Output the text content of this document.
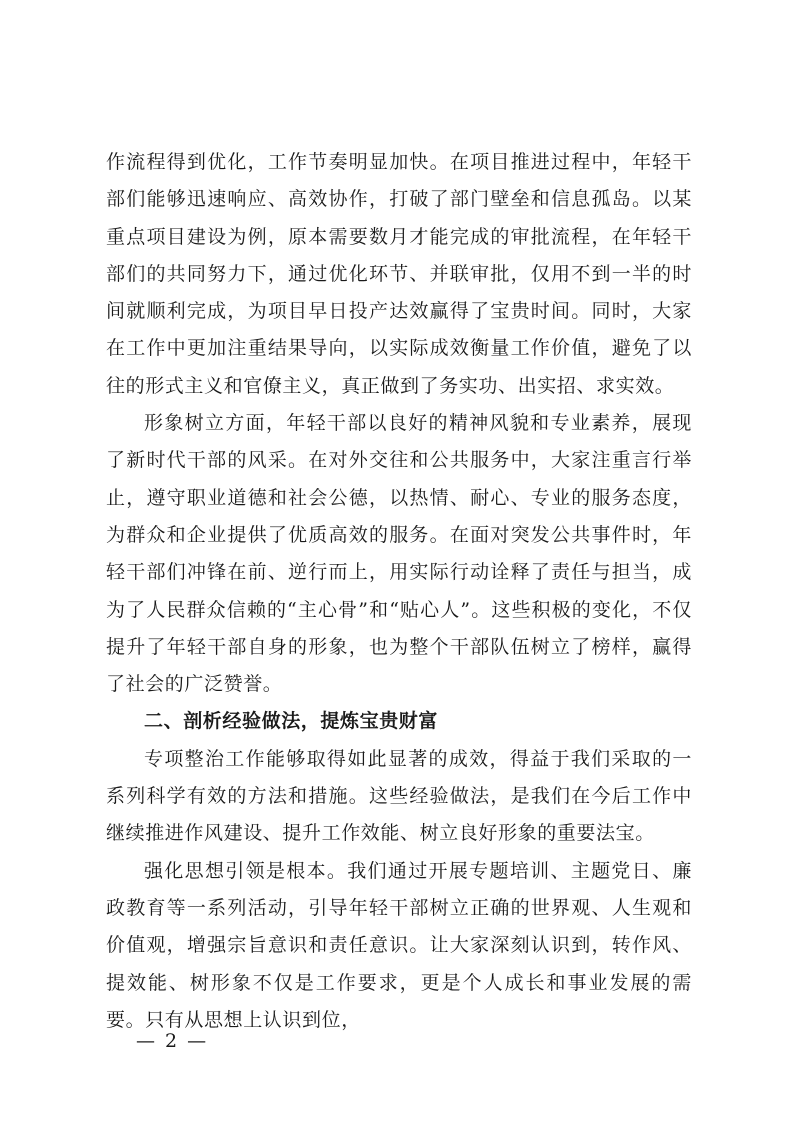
作流程得到优化，工作节奏明显加快。在项目推进过程中，年轻干部们能够迅速响应、高效协作，打破了部门壁垒和信息孤岛。以某重点项目建设为例，原本需要数月才能完成的审批流程，在年轻干部们的共同努力下，通过优化环节、并联审批，仅用不到一半的时间就顺利完成，为项目早日投产达效赢得了宝贵时间。同时，大家在工作中更加注重结果导向，以实际成效衡量工作价值，避免了以往的形式主义和官僚主义，真正做到了务实功、出实招、求实效。

形象树立方面，年轻干部以良好的精神风貌和专业素养，展现了新时代干部的风采。在对外交往和公共服务中，大家注重言行举止，遵守职业道德和社会公德，以热情、耐心、专业的服务态度，为群众和企业提供了优质高效的服务。在面对突发公共事件时，年轻干部们冲锋在前、逆行而上，用实际行动诠释了责任与担当，成为了人民群众信赖的“主心骨”和“贴心人”。这些积极的变化，不仅提升了年轻干部自身的形象，也为整个干部队伍树立了榜样，赢得了社会的广泛赞誉。

二、剖析经验做法，提炼宝贵财富

专项整治工作能够取得如此显著的成效，得益于我们采取的一系列科学有效的方法和措施。这些经验做法，是我们在今后工作中继续推进作风建设、提升工作效能、树立良好形象的重要法宝。

强化思想引领是根本。我们通过开展专题培训、主题党日、廉政教育等一系列活动，引导年轻干部树立正确的世界观、人生观和价值观，增强宗旨意识和责任意识。让大家深刻认识到，转作风、提效能、树形象不仅是工作要求，更是个人成长和事业发展的需要。只有从思想上认识到位，

— 2 —
